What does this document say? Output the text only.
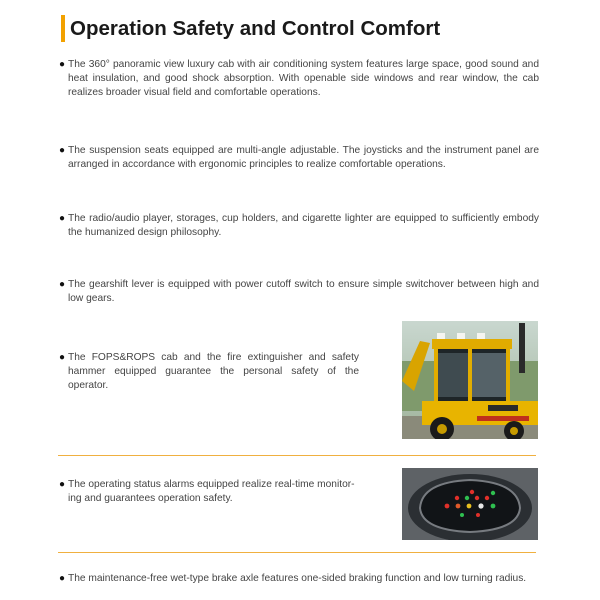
Operation Safety and Control Comfort
● The 360° panoramic view luxury cab with air conditioning system features large space, good sound and heat insulation, and good shock absorption. With openable side windows and rear window, the cab realizes broader visual field and comfortable operations.
● The suspension seats equipped are multi-angle adjustable. The joysticks and the instrument panel are arranged in accordance with ergonomic principles to realize comfortable operations.
● The radio/audio player, storages, cup holders, and cigarette lighter are equipped to sufficiently embody the humanized design philosophy.
● The gearshift lever is equipped with power cutoff switch to ensure simple switchover between high and low gears.
● The FOPS&ROPS cab and the fire extinguisher and safety hammer equipped guarantee the personal safety of the operator.
● The operating status alarms equipped realize real-time monitor-ing and guarantees operation safety.
● The maintenance-free wet-type brake axle features one-sided braking function and low turning radius.
